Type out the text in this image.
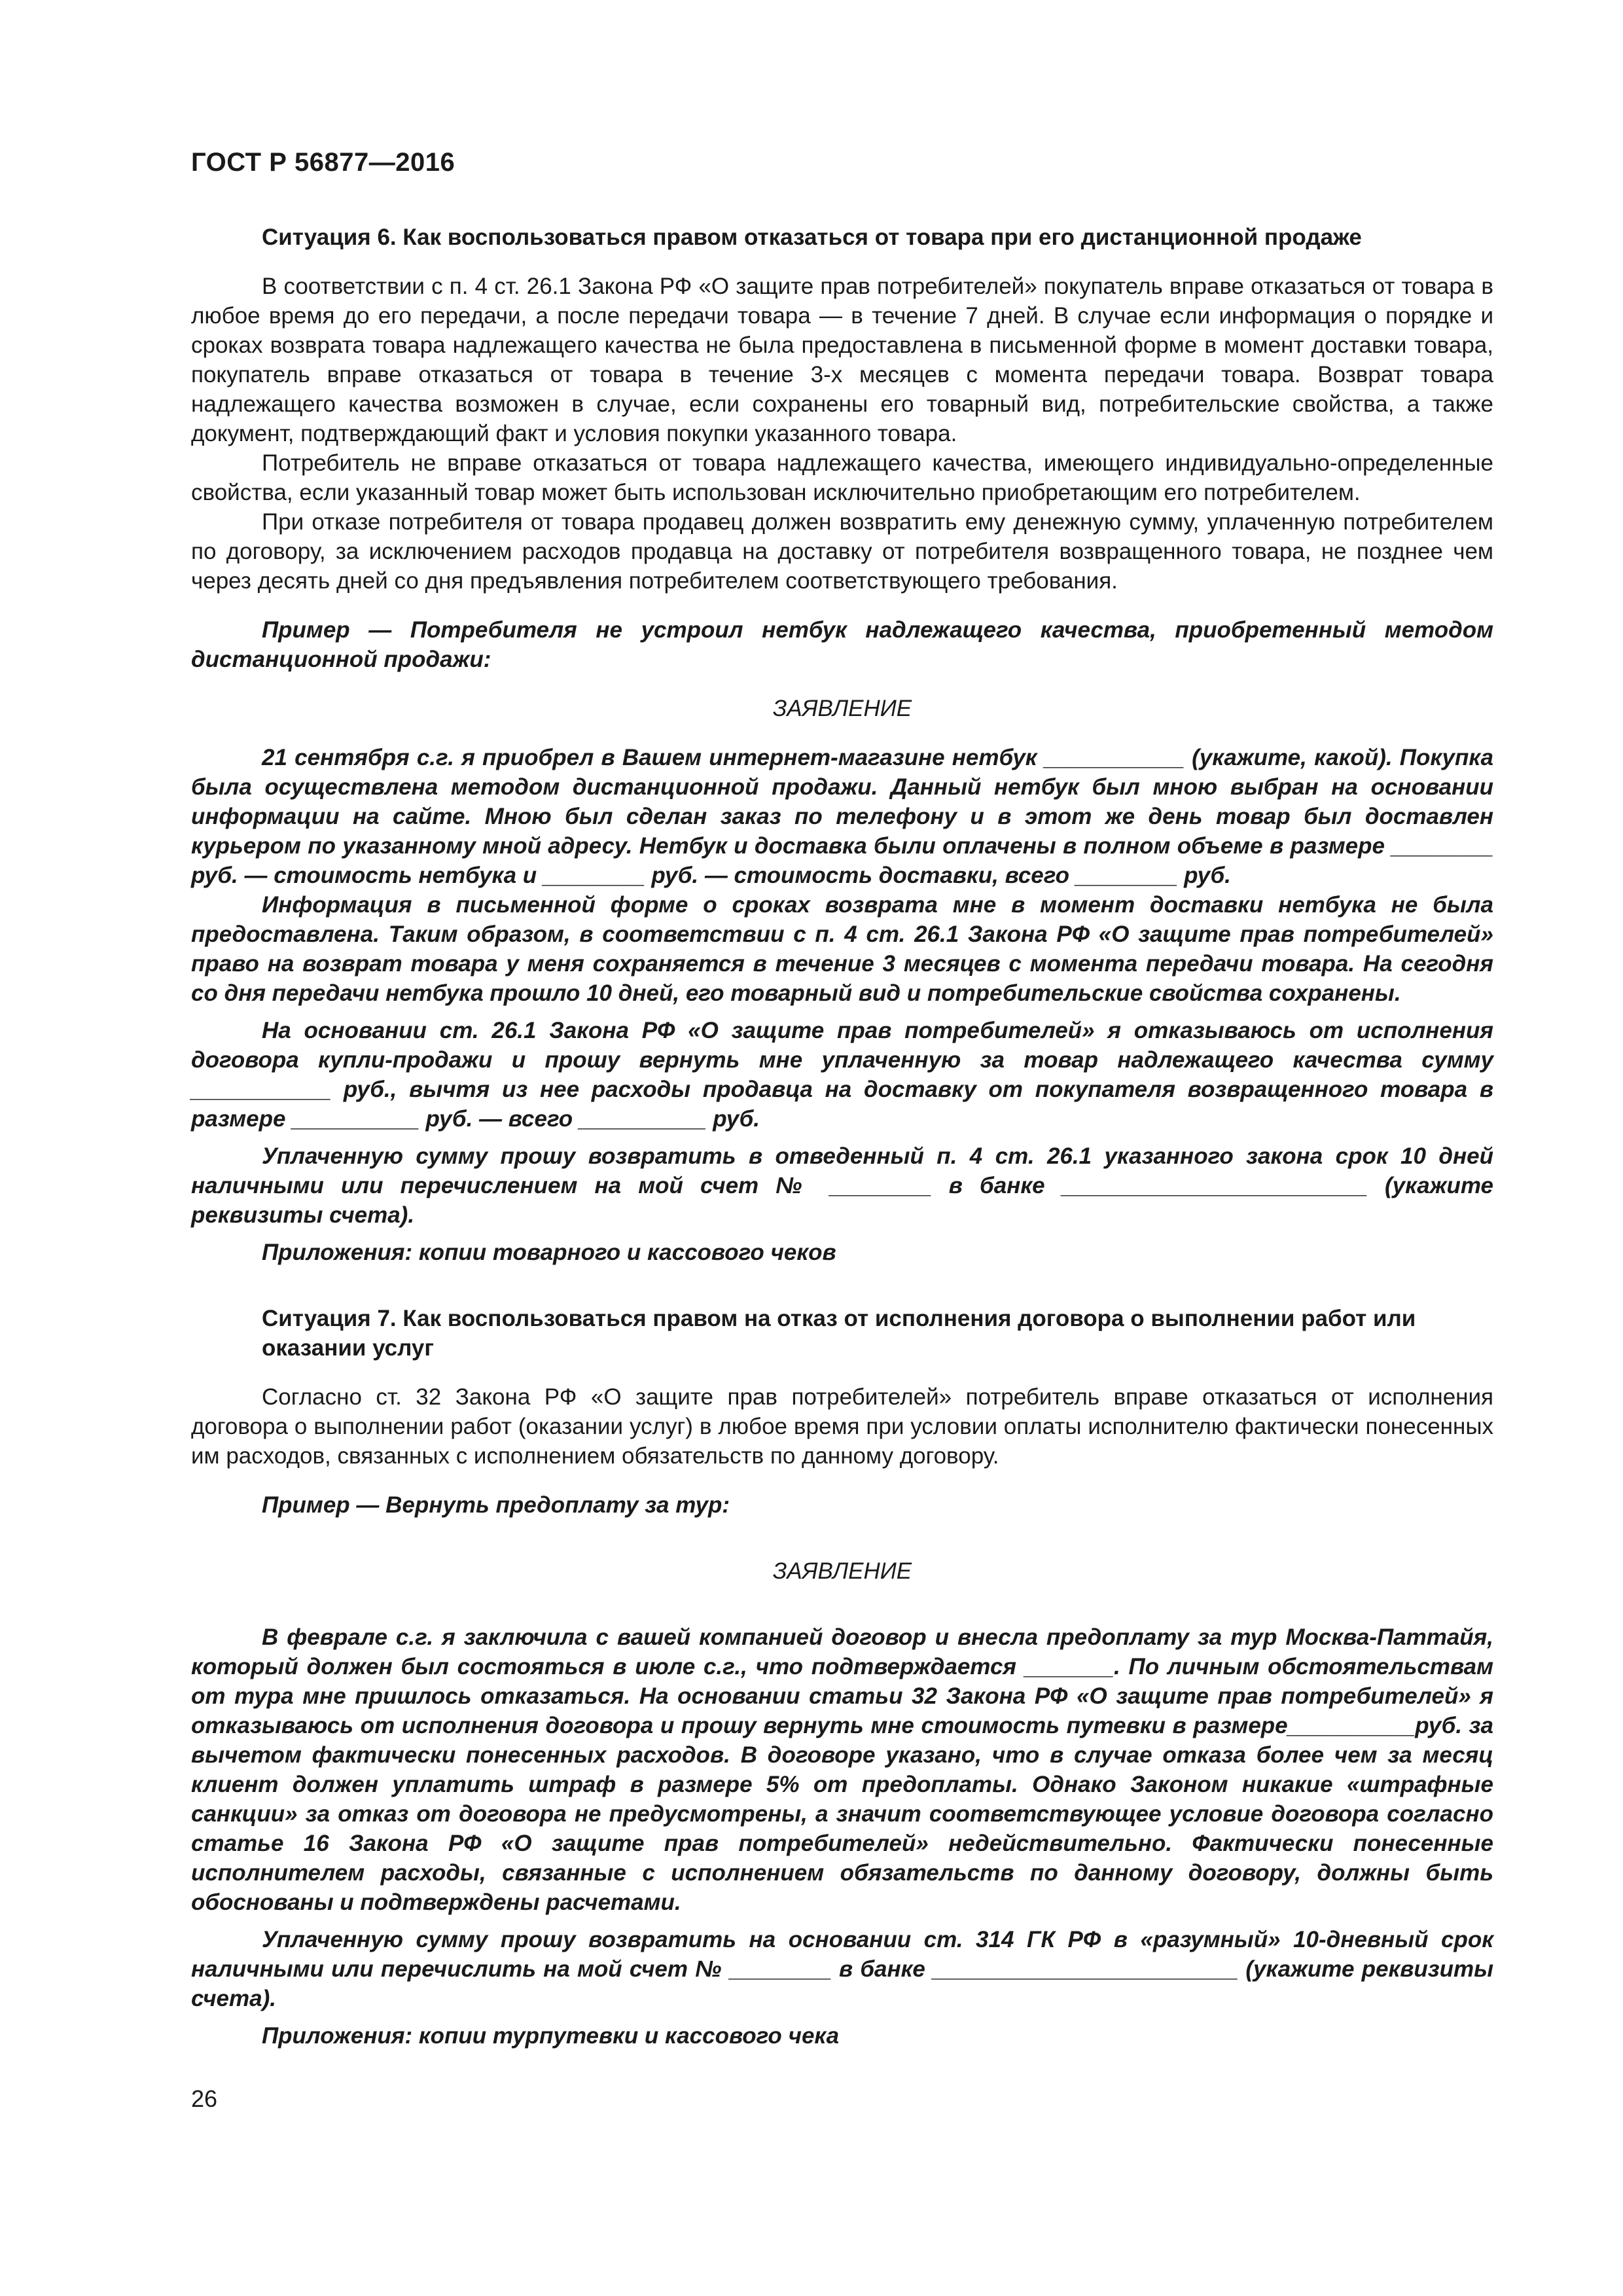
ГОСТ Р 56877—2016

Ситуация 6. Как воспользоваться правом отказаться от товара при его дистанционной продаже

В соответствии с п. 4 ст. 26.1 Закона РФ «О защите прав потребителей» покупатель вправе отказаться от товара в любое время до его передачи, а после передачи товара — в течение 7 дней. В случае если информация о порядке и сроках возврата товара надлежащего качества не была предоставлена в письменной форме в момент доставки товара, покупатель вправе отказаться от товара в течение 3-х месяцев с момента передачи товара. Возврат товара надлежащего качества возможен в случае, если сохранены его товарный вид, потребительские свойства, а также документ, подтверждающий факт и условия покупки указанного товара.

Потребитель не вправе отказаться от товара надлежащего качества, имеющего индивидуально-определенные свойства, если указанный товар может быть использован исключительно приобретающим его потребителем.

При отказе потребителя от товара продавец должен возвратить ему денежную сумму, уплаченную потребителем по договору, за исключением расходов продавца на доставку от потребителя возвращенного товара, не позднее чем через десять дней со дня предъявления потребителем соответствующего требования.

Пример — Потребителя не устроил нетбук надлежащего качества, приобретенный методом дистанционной продажи:

ЗАЯВЛЕНИЕ

21 сентября с.г. я приобрел в Вашем интернет-магазине нетбук ___________ (укажите, какой). Покупка была осуществлена методом дистанционной продажи. Данный нетбук был мною выбран на основании информации на сайте. Мною был сделан заказ по телефону и в этот же день товар был доставлен курьером по указанному мной адресу. Нетбук и доставка были оплачены в полном объеме в размере ________ руб. — стоимость нетбука и ________ руб. — стоимость доставки, всего ________ руб.

Информация в письменной форме о сроках возврата мне в момент доставки нетбука не была предоставлена. Таким образом, в соответствии с п. 4 ст. 26.1 Закона РФ «О защите прав потребителей» право на возврат товара у меня сохраняется в течение 3 месяцев с момента передачи товара. На сегодня со дня передачи нетбука прошло 10 дней, его товарный вид и потребительские свойства сохранены.

На основании ст. 26.1 Закона РФ «О защите прав потребителей» я отказываюсь от исполнения договора купли-продажи и прошу вернуть мне уплаченную за товар надлежащего качества сумму ___________ руб., вычтя из нее расходы продавца на доставку от покупателя возвращенного товара в размере __________ руб. — всего __________ руб.

Уплаченную сумму прошу возвратить в отведенный п. 4 ст. 26.1 указанного закона срок 10 дней наличными или перечислением на мой счет № ________ в банке ________________________ (укажите реквизиты счета).

Приложения: копии товарного и кассового чеков

Ситуация 7. Как воспользоваться правом на отказ от исполнения договора о выполнении работ или оказании услуг

Согласно ст. 32 Закона РФ «О защите прав потребителей» потребитель вправе отказаться от исполнения договора о выполнении работ (оказании услуг) в любое время при условии оплаты исполнителю фактически понесенных им расходов, связанных с исполнением обязательств по данному договору.

Пример — Вернуть предоплату за тур:

ЗАЯВЛЕНИЕ

В феврале с.г. я заключила с вашей компанией договор и внесла предоплату за тур Москва-Паттайя, который должен был состояться в июле с.г., что подтверждается _______. По личным обстоятельствам от тура мне пришлось отказаться. На основании статьи 32 Закона РФ «О защите прав потребителей» я отказываюсь от исполнения договора и прошу вернуть мне стоимость путевки в размере__________руб. за вычетом фактически понесенных расходов. В договоре указано, что в случае отказа более чем за месяц клиент должен уплатить штраф в размере 5% от предоплаты. Однако Законом никакие «штрафные санкции» за отказ от договора не предусмотрены, а значит соответствующее условие договора согласно статье 16 Закона РФ «О защите прав потребителей» недействительно. Фактически понесенные исполнителем расходы, связанные с исполнением обязательств по данному договору, должны быть обоснованы и подтверждены расчетами.

Уплаченную сумму прошу возвратить на основании ст. 314 ГК РФ в «разумный» 10-дневный срок наличными или перечислить на мой счет № ________ в банке ________________________ (укажите реквизиты счета).

Приложения: копии турпутевки и кассового чека

26
